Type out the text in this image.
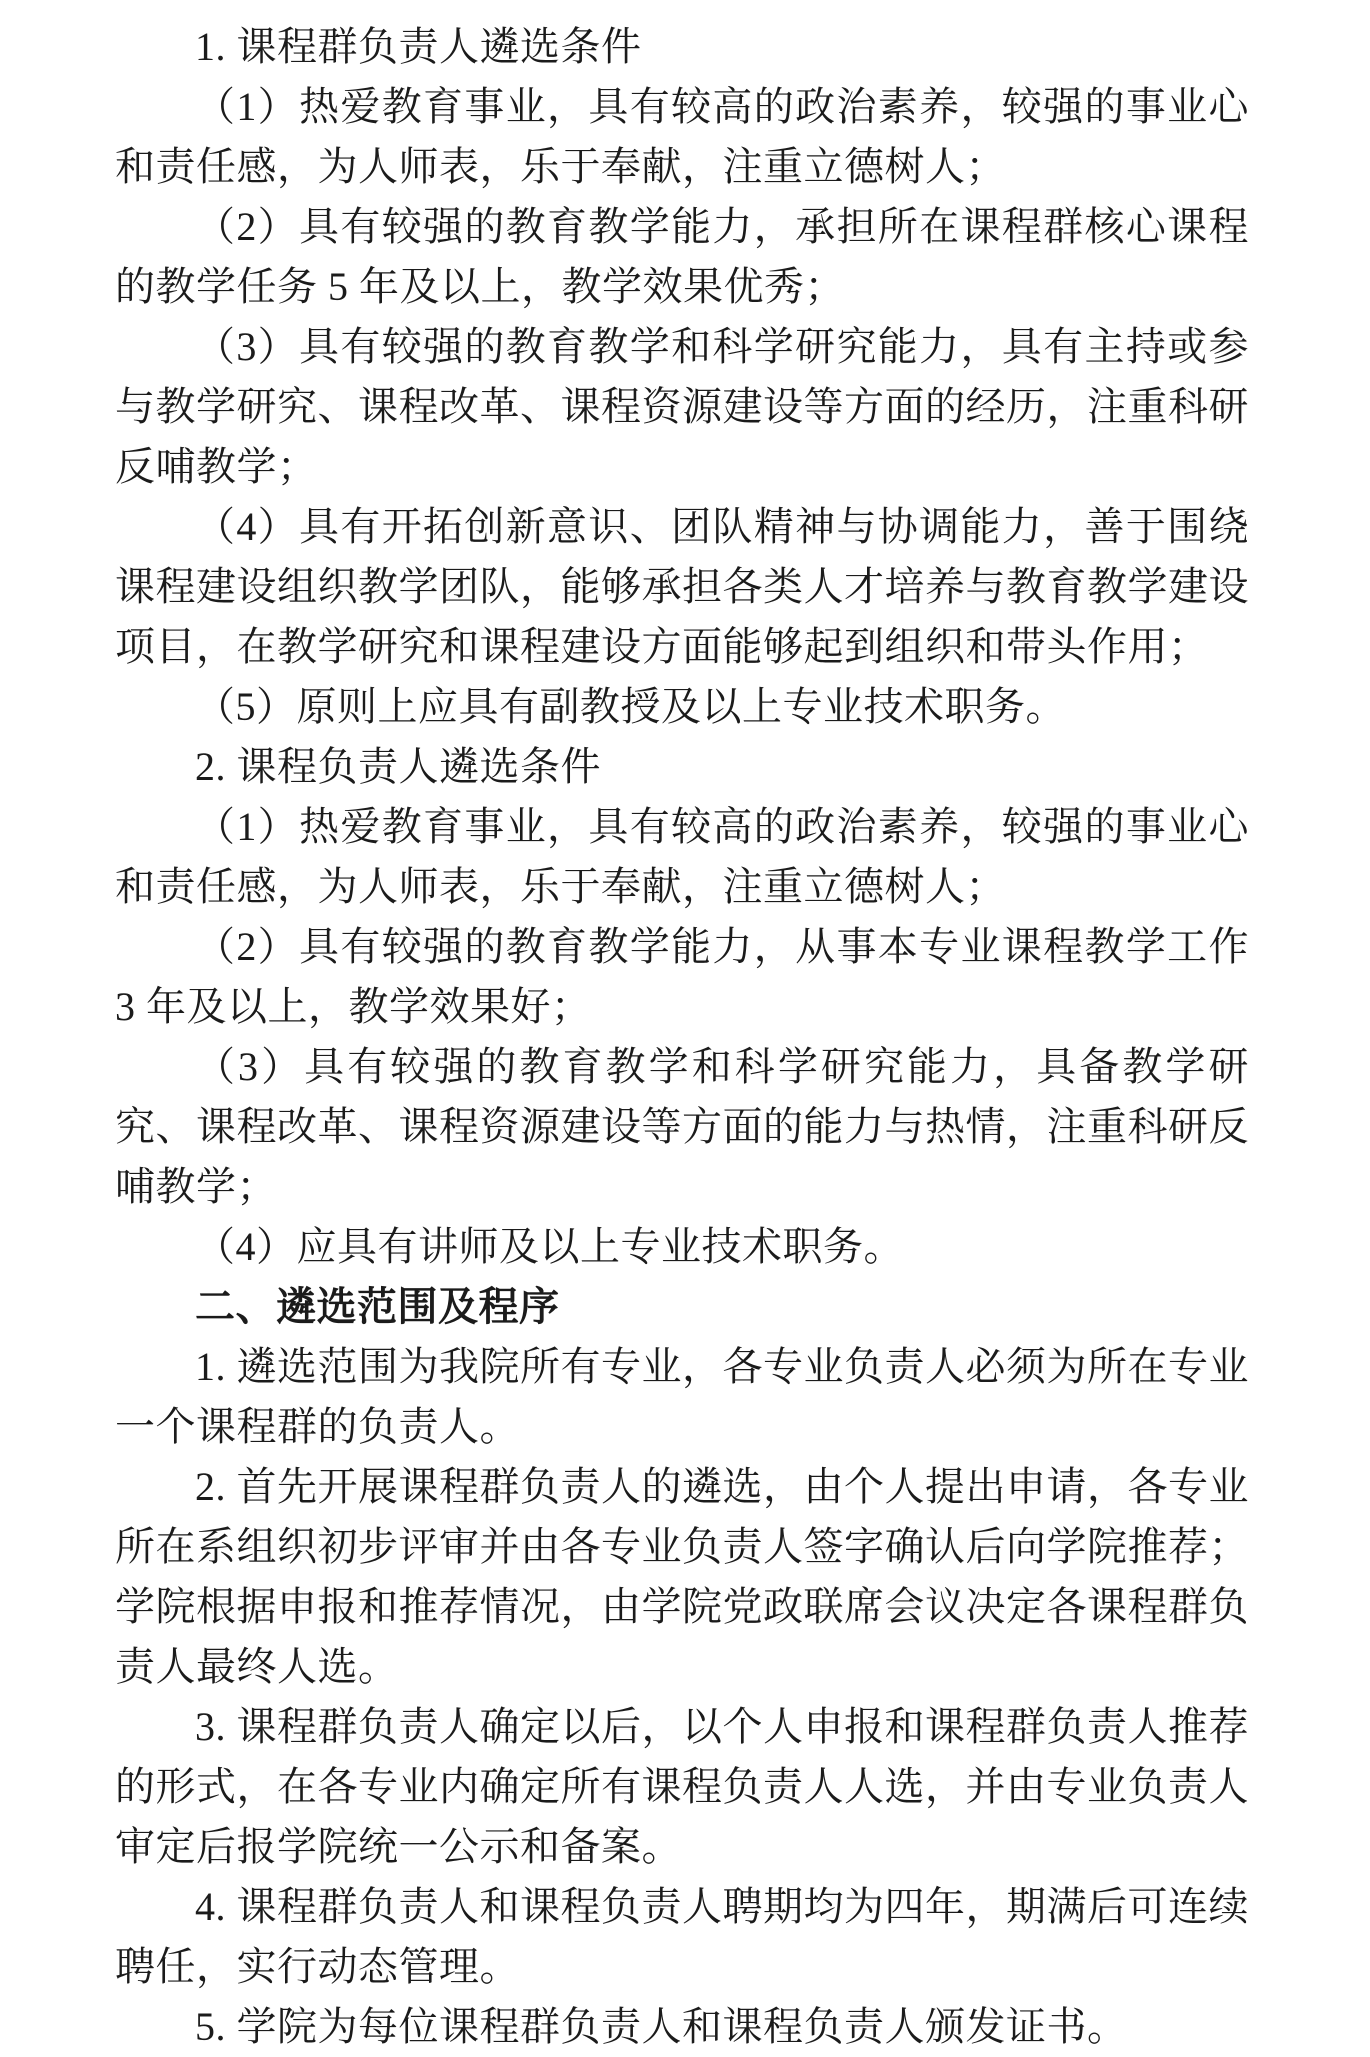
1. 课程群负责人遴选条件

（1）热爱教育事业，具有较高的政治素养，较强的事业心和责任感，为人师表，乐于奉献，注重立德树人；

（2）具有较强的教育教学能力，承担所在课程群核心课程的教学任务 5 年及以上，教学效果优秀；

（3）具有较强的教育教学和科学研究能力，具有主持或参与教学研究、课程改革、课程资源建设等方面的经历，注重科研反哺教学；

（4）具有开拓创新意识、团队精神与协调能力，善于围绕课程建设组织教学团队，能够承担各类人才培养与教育教学建设项目，在教学研究和课程建设方面能够起到组织和带头作用；

（5）原则上应具有副教授及以上专业技术职务。

2. 课程负责人遴选条件

（1）热爱教育事业，具有较高的政治素养，较强的事业心和责任感，为人师表，乐于奉献，注重立德树人；

（2）具有较强的教育教学能力，从事本专业课程教学工作 3 年及以上，教学效果好；

（3）具有较强的教育教学和科学研究能力，具备教学研究、课程改革、课程资源建设等方面的能力与热情，注重科研反哺教学；

（4）应具有讲师及以上专业技术职务。

二、遴选范围及程序

1. 遴选范围为我院所有专业，各专业负责人必须为所在专业一个课程群的负责人。

2. 首先开展课程群负责人的遴选，由个人提出申请，各专业所在系组织初步评审并由各专业负责人签字确认后向学院推荐；学院根据申报和推荐情况，由学院党政联席会议决定各课程群负责人最终人选。

3. 课程群负责人确定以后，以个人申报和课程群负责人推荐的形式，在各专业内确定所有课程负责人人选，并由专业负责人审定后报学院统一公示和备案。

4. 课程群负责人和课程负责人聘期均为四年，期满后可连续聘任，实行动态管理。

5. 学院为每位课程群负责人和课程负责人颁发证书。
